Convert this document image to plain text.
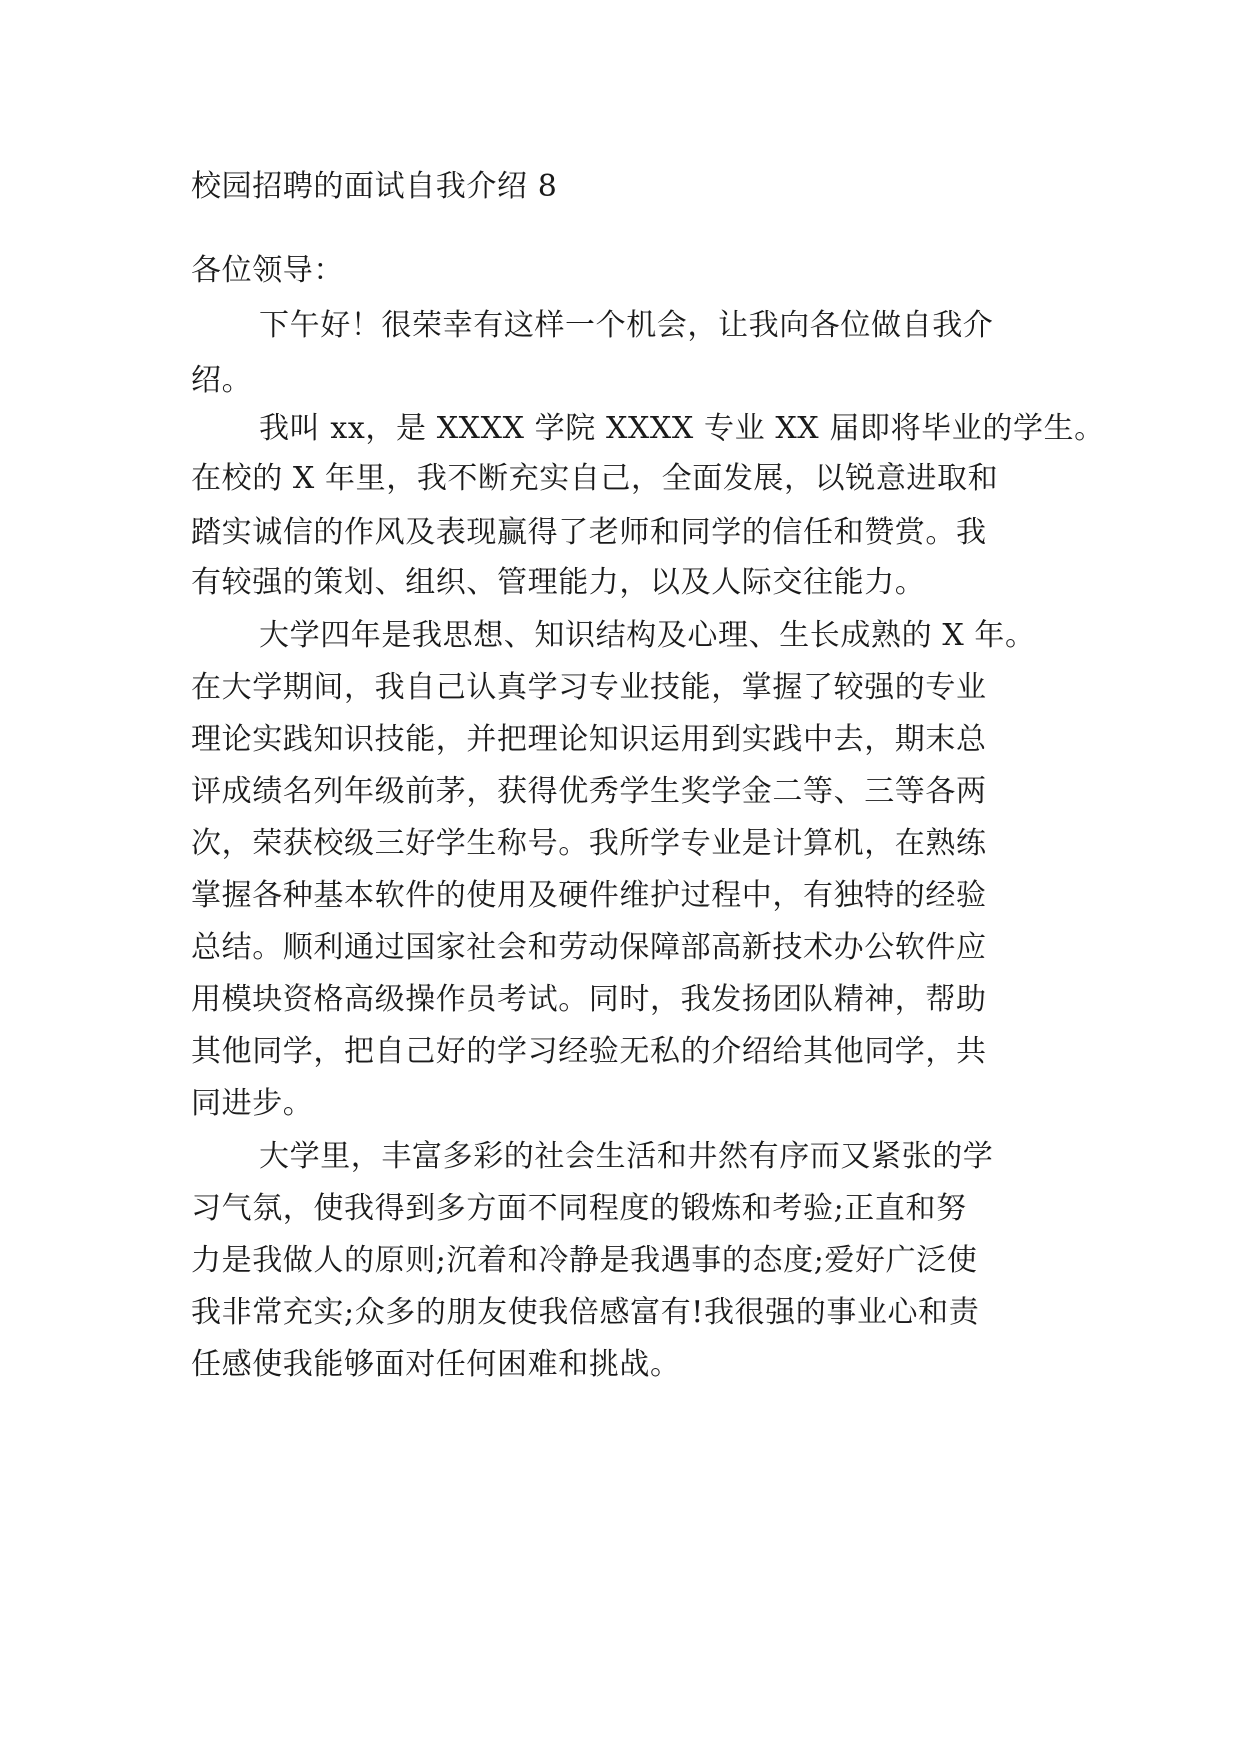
校园招聘的面试自我介绍 8

各位领导：

下午好！很荣幸有这样一个机会，让我向各位做自我介

绍。

我叫 xx，是 XXXX 学院 XXXX 专业 XX 届即将毕业的学生。

在校的 X 年里，我不断充实自己，全面发展，以锐意进取和

踏实诚信的作风及表现赢得了老师和同学的信任和赞赏。我

有较强的策划、组织、管理能力，以及人际交往能力。

大学四年是我思想、知识结构及心理、生长成熟的 X 年。

在大学期间，我自己认真学习专业技能，掌握了较强的专业

理论实践知识技能，并把理论知识运用到实践中去，期末总

评成绩名列年级前茅，获得优秀学生奖学金二等、三等各两

次，荣获校级三好学生称号。我所学专业是计算机，在熟练

掌握各种基本软件的使用及硬件维护过程中，有独特的经验

总结。顺利通过国家社会和劳动保障部高新技术办公软件应

用模块资格高级操作员考试。同时，我发扬团队精神，帮助

其他同学，把自己好的学习经验无私的介绍给其他同学，共

同进步。

大学里，丰富多彩的社会生活和井然有序而又紧张的学

习气氛，使我得到多方面不同程度的锻炼和考验;正直和努

力是我做人的原则;沉着和冷静是我遇事的态度;爱好广泛使

我非常充实;众多的朋友使我倍感富有!我很强的事业心和责

任感使我能够面对任何困难和挑战。
